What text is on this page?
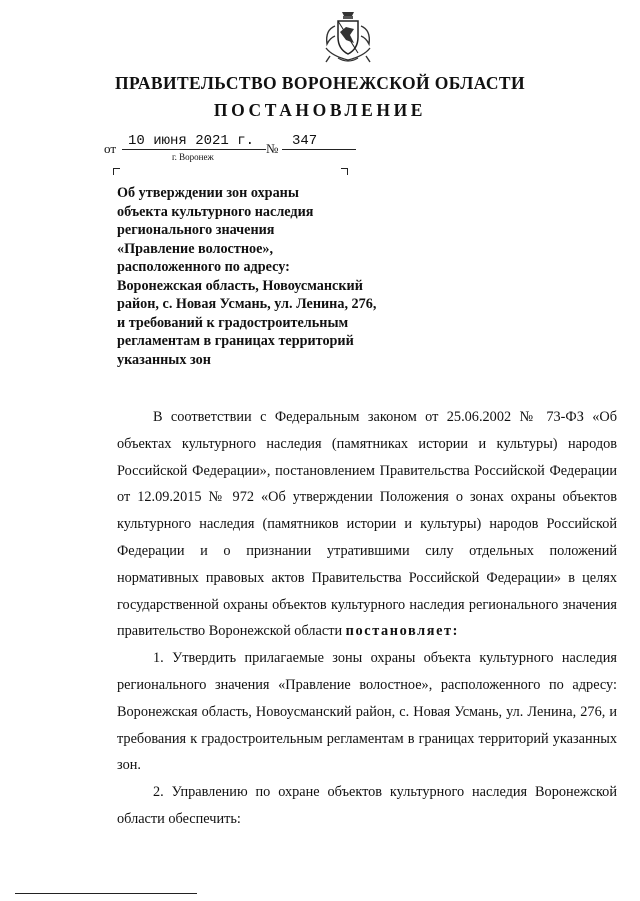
ПРАВИТЕЛЬСТВО ВОРОНЕЖСКОЙ ОБЛАСТИ
ПОСТАНОВЛЕНИЕ
от 10 июня 2021 г. № 347
г. Воронеж
Об утверждении зон охраны
объекта культурного наследия
регионального значения
«Правление волостное»,
расположенного по адресу:
Воронежская область, Новоусманский
район, с. Новая Усмань, ул. Ленина, 276,
и требований к градостроительным
регламентам в границах территорий
указанных зон
В соответствии с Федеральным законом от 25.06.2002 № 73-ФЗ «Об объектах культурного наследия (памятниках истории и культуры) народов Российской Федерации», постановлением Правительства Российской Федерации от 12.09.2015 № 972 «Об утверждении Положения о зонах охраны объектов культурного наследия (памятников истории и культуры) народов Российской Федерации и о признании утратившими силу отдельных положений нормативных правовых актов Правительства Российской Федерации» в целях государственной охраны объектов культурного наследия регионального значения правительство Воронежской области постановляет:
1. Утвердить прилагаемые зоны охраны объекта культурного наследия регионального значения «Правление волостное», расположенного по адресу: Воронежская область, Новоусманский район, с. Новая Усмань, ул. Ленина, 276, и требования к градостроительным регламентам в границах территорий указанных зон.
2. Управлению по охране объектов культурного наследия Воронежской области обеспечить:
